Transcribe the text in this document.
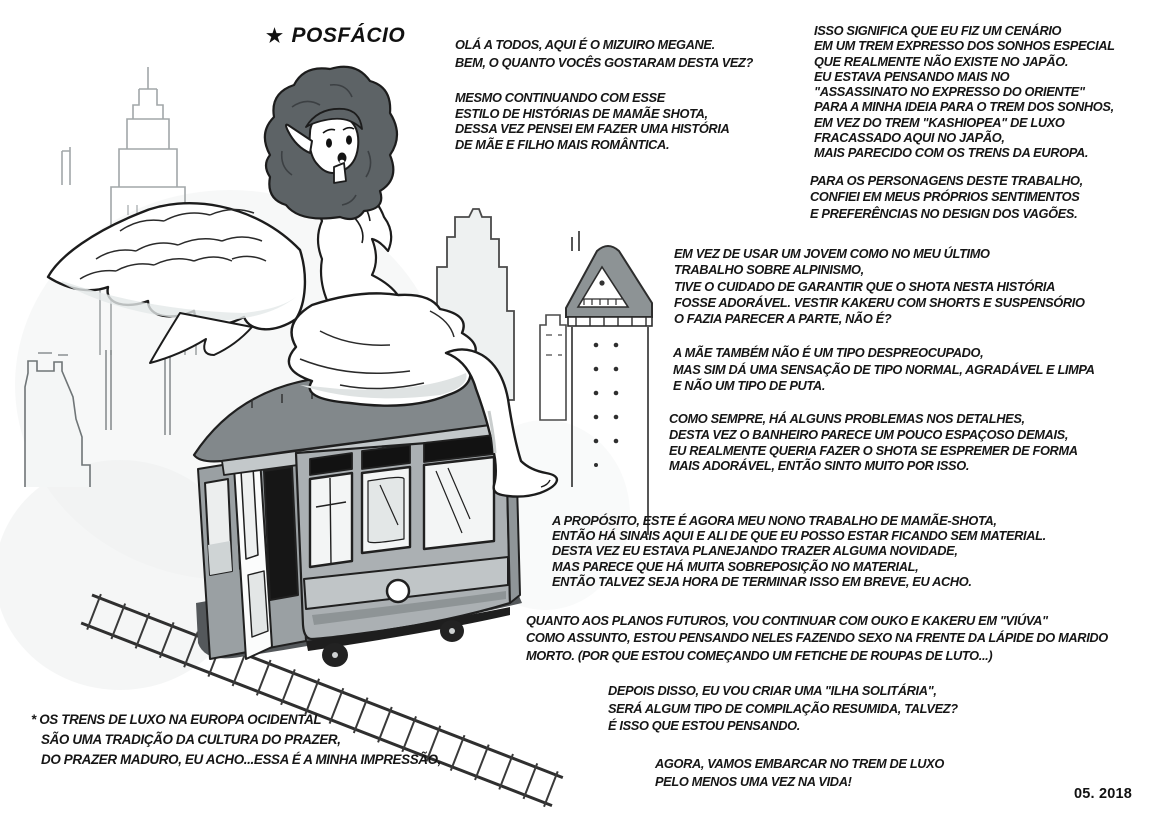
★ POSFÁCIO	OLÁ A TODOS, AQUI É O MIZUIRO MEGANE.
BEM, O QUANTO VOCÊS GOSTARAM DESTA VEZ?
MESMO CONTINUANDO COM ESSE
ESTILO DE HISTÓRIAS DE MAMÃE SHOTA,
DESSA VEZ PENSEI EM FAZER UMA HISTÓRIA
DE MÃE E FILHO MAIS ROMÂNTICA.
ISSO SIGNIFICA QUE EU FIZ UM CENÁRIO
EM UM TREM EXPRESSO DOS SONHOS ESPECIAL
QUE REALMENTE NÃO EXISTE NO JAPÃO.
EU ESTAVA PENSANDO MAIS NO
"ASSASSINATO NO EXPRESSO DO ORIENTE"
PARA A MINHA IDEIA PARA O TREM DOS SONHOS,
EM VEZ DO TREM "KASHIOPEA" DE LUXO
FRACASSADO AQUI NO JAPÃO,
MAIS PARECIDO COM OS TRENS DA EUROPA.
PARA OS PERSONAGENS DESTE TRABALHO,
CONFIEI EM MEUS PRÓPRIOS SENTIMENTOS
E PREFERÊNCIAS NO DESIGN DOS VAGÕES.
EM VEZ DE USAR UM JOVEM COMO NO MEU ÚLTIMO
TRABALHO SOBRE ALPINISMO,
TIVE O CUIDADO DE GARANTIR QUE O SHOTA NESTA HISTÓRIA
FOSSE ADORÁVEL. VESTIR KAKERU COM SHORTS E SUSPENSÓRIO
O FAZIA PARECER A PARTE, NÃO É?
A MÃE TAMBÉM NÃO É UM TIPO DESPREOCUPADO,
MAS SIM DÁ UMA SENSAÇÃO DE TIPO NORMAL, AGRADÁVEL E LIMPA
E NÃO UM TIPO DE PUTA.
COMO SEMPRE, HÁ ALGUNS PROBLEMAS NOS DETALHES,
DESTA VEZ O BANHEIRO PARECE UM POUCO ESPAÇOSO DEMAIS,
EU REALMENTE QUERIA FAZER O SHOTA SE ESPREMER DE FORMA
MAIS ADORÁVEL, ENTÃO SINTO MUITO POR ISSO.
A PROPÓSITO, ESTE É AGORA MEU NONO TRABALHO DE MAMÃE-SHOTA,
ENTÃO HÁ SINAIS AQUI E ALI DE QUE EU POSSO ESTAR FICANDO SEM MATERIAL.
DESTA VEZ EU ESTAVA PLANEJANDO TRAZER ALGUMA NOVIDADE,
MAS PARECE QUE HÁ MUITA SOBREPOSIÇÃO NO MATERIAL,
ENTÃO TALVEZ SEJA HORA DE TERMINAR ISSO EM BREVE, EU ACHO.
QUANTO AOS PLANOS FUTUROS, VOU CONTINUAR COM OUKO E KAKERU EM "VIÚVA"
COMO ASSUNTO, ESTOU PENSANDO NELES FAZENDO SEXO NA FRENTE DA LÁPIDE DO MARIDO
MORTO. (POR QUE ESTOU COMEÇANDO UM FETICHE DE ROUPAS DE LUTO...)
DEPOIS DISSO, EU VOU CRIAR UMA "ILHA SOLITÁRIA",
SERÁ ALGUM TIPO DE COMPILAÇÃO RESUMIDA, TALVEZ?
É ISSO QUE ESTOU PENSANDO.
AGORA, VAMOS EMBARCAR NO TREM DE LUXO
PELO MENOS UMA VEZ NA VIDA!
* OS TRENS DE LUXO NA EUROPA OCIDENTAL
SÃO UMA TRADIÇÃO DA CULTURA DO PRAZER,
DO PRAZER MADURO, EU ACHO...ESSA É A MINHA IMPRESSÃO,
05. 2018
